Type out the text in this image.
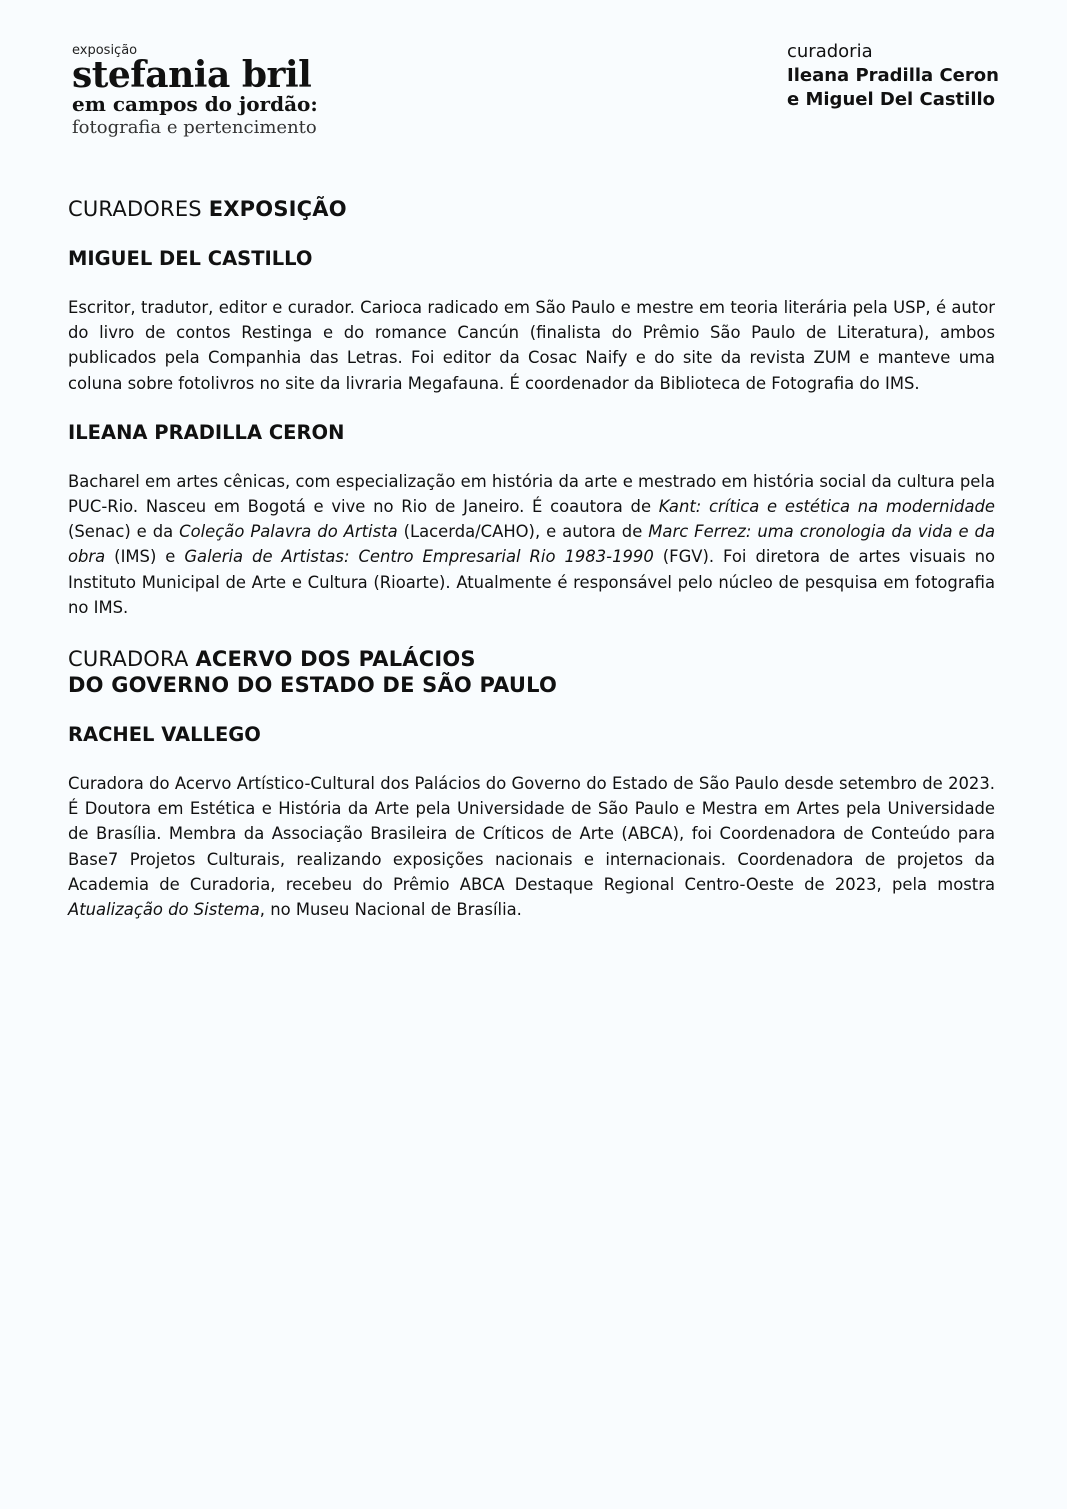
exposição
stefania bril
em campos do jordão:
fotografia e pertencimento
curadoria
Ileana Pradilla Ceron
e Miguel Del Castillo
CURADORES EXPOSIÇÃO
MIGUEL DEL CASTILLO

Escritor, tradutor, editor e curador. Carioca radicado em São Paulo e mestre em teoria literária pela USP, é autor do livro de contos Restinga e do romance Cancún (finalista do Prêmio São Paulo de Literatura), ambos publicados pela Companhia das Letras. Foi editor da Cosac Naify e do site da revista ZUM e manteve uma coluna sobre fotolivros no site da livraria Megafauna. É coordenador da Biblioteca de Fotografia do IMS.

ILEANA PRADILLA CERON

Bacharel em artes cênicas, com especialização em história da arte e mestrado em história social da cultura pela PUC-Rio. Nasceu em Bogotá e vive no Rio de Janeiro. É coautora de Kant: crítica e estética na modernidade (Senac) e da Coleção Palavra do Artista (Lacerda/CAHO), e autora de Marc Ferrez: uma cronologia da vida e da obra (IMS) e Galeria de Artistas: Centro Empresarial Rio 1983-1990 (FGV). Foi diretora de artes visuais no Instituto Municipal de Arte e Cultura (Rioarte). Atualmente é responsável pelo núcleo de pesquisa em fotografia no IMS.

CURADORA ACERVO DOS PALÁCIOS
DO GOVERNO DO ESTADO DE SÃO PAULO
RACHEL VALLEGO

Curadora do Acervo Artístico-Cultural dos Palácios do Governo do Estado de São Paulo desde setembro de 2023. É Doutora em Estética e História da Arte pela Universidade de São Paulo e Mestra em Artes pela Universidade de Brasília. Membra da Associação Brasileira de Críticos de Arte (ABCA), foi Coordenadora de Conteúdo para Base7 Projetos Culturais, realizando exposições nacionais e internacionais. Coordenadora de projetos da Academia de Curadoria, recebeu do Prêmio ABCA Destaque Regional Centro-Oeste de 2023, pela mostra Atualização do Sistema, no Museu Nacional de Brasília.
